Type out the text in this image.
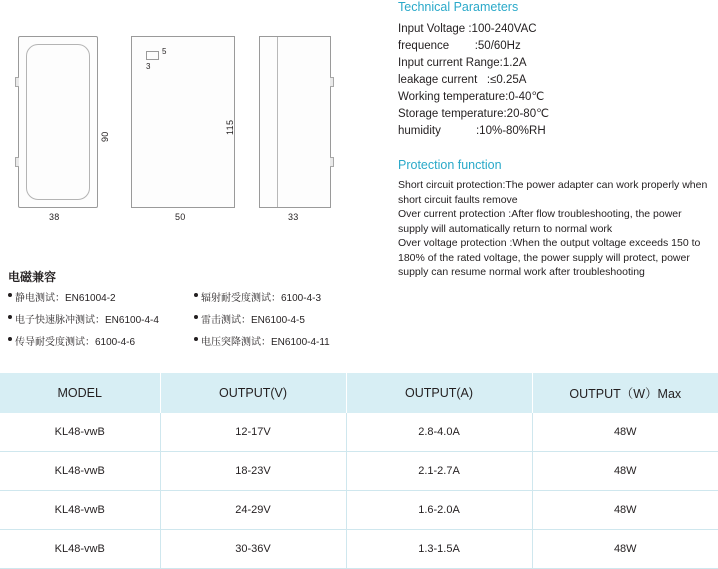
90
38
5
3
115
50	33
电磁兼容
静电测试：EN61004-2	辐射耐受度测试：6100-4-3
电子快速脉冲测试：EN6100-4-4	雷击测试：EN6100-4-5
传导耐受度测试：6100-4-6	电压突降测试：EN6100-4-11
Technical Parameters
Input Voltage : 100-240VAC
frequence        : 50/60Hz
Input current Range: 1.2A
leakage current   : ≤0.25A
Working temperature: 0-40℃
Storage temperature: 20-80℃
humidity           : 10%-80%RH
Protection function

Short circuit protection:The power adapter can work properly when short circuit faults remove

Over current protection :After flow troubleshooting, the power supply will automatically return to normal work

Over voltage protection :When the output voltage exceeds 150 to 180% of the rated voltage, the power supply will protect, power supply can resume normal work after troubleshooting

MODEL	OUTPUT(V)	OUTPUT(A)	OUTPUT（W）Max
KL48-vwB	12-17V	2.8-4.0A	48W
KL48-vwB	18-23V	2.1-2.7A	48W
KL48-vwB	24-29V	1.6-2.0A	48W
KL48-vwB	30-36V	1.3-1.5A	48W
